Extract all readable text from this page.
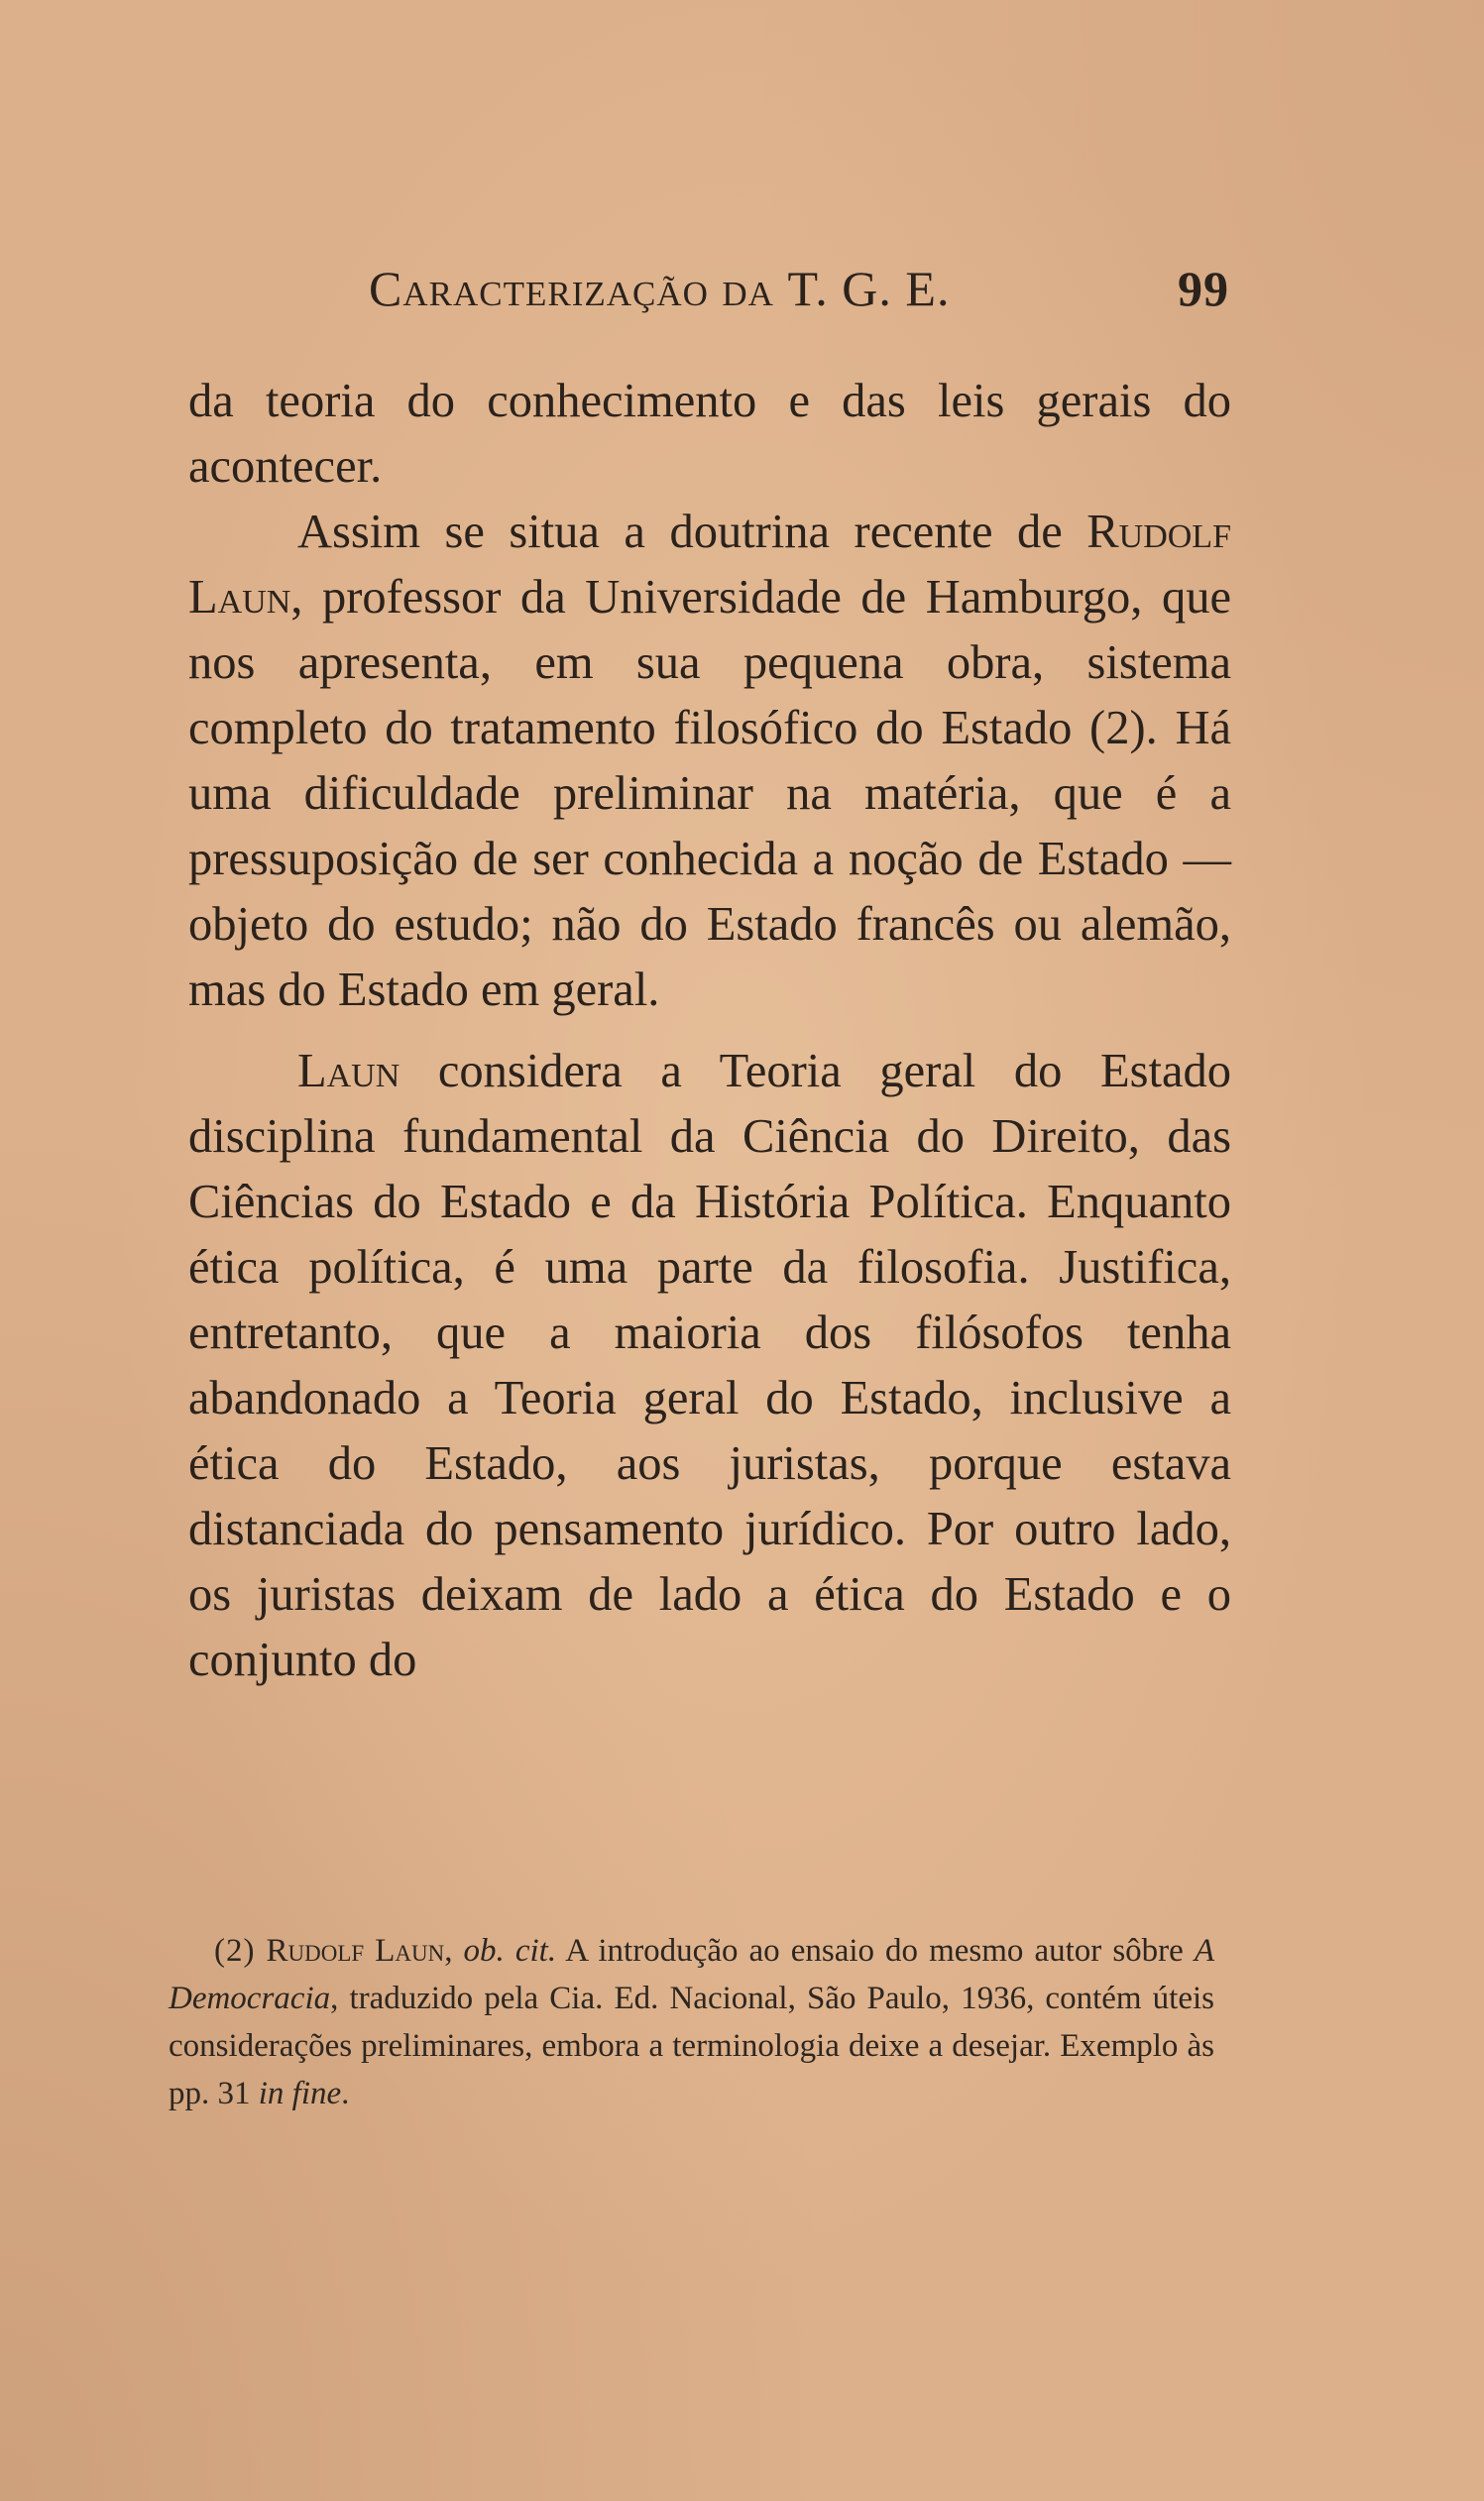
Caracterização da T. G. E.	99

da teoria do conhecimento e das leis gerais do acontecer.

Assim se situa a doutrina recente de Rudolf Laun, professor da Universidade de Hamburgo, que nos apresenta, em sua pequena obra, sistema completo do tratamento filosófico do Estado (2). Há uma dificuldade preliminar na matéria, que é a pressuposição de ser conhecida a noção de Estado — objeto do estudo; não do Estado francês ou alemão, mas do Estado em geral.

Laun considera a Teoria geral do Estado disciplina fundamental da Ciência do Direito, das Ciências do Estado e da História Política. Enquanto ética política, é uma parte da filosofia. Justifica, entretanto, que a maioria dos filósofos tenha abandonado a Teoria geral do Estado, inclusive a ética do Estado, aos juristas, porque estava distanciada do pensamento jurídico. Por outro lado, os juristas deixam de lado a ética do Estado e o conjunto do

(2) Rudolf Laun, ob. cit. A introdução ao ensaio do mesmo autor sôbre A Democracia, traduzido pela Cia. Ed. Nacional, São Paulo, 1936, contém úteis considerações preliminares, embora a terminologia deixe a desejar. Exemplo às pp. 31 in fine.
